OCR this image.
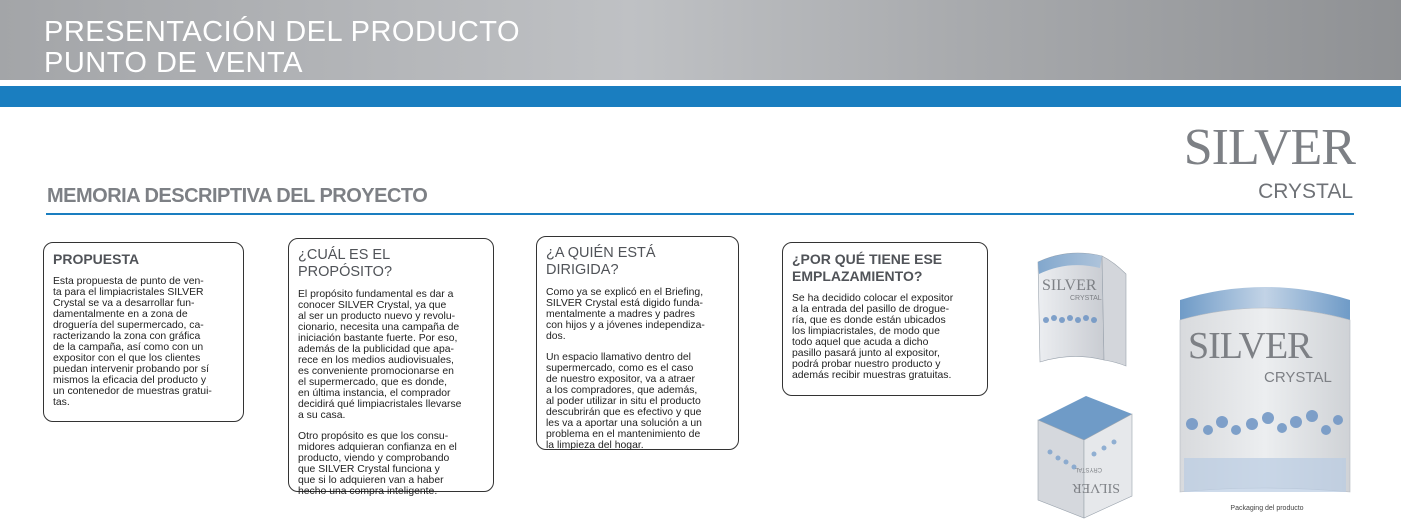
PRESENTACIÓN DEL PRODUCTO
PUNTO DE VENTA
SILVER
CRYSTAL
MEMORIA DESCRIPTIVA DEL PROYECTO
PROPUESTA
Esta propuesta de punto de ven-
ta para el limpiacristales SILVER
Crystal se va a desarrollar fun-
damentalmente en a zona de
droguería del supermercado, ca-
racterizando la zona con gráfica
de la campaña, así como con un
expositor con el que los clientes
puedan intervenir probando por sí
mismos la eficacia del producto y
un contenedor de muestras gratui-
tas.
¿CUÁL ES EL PROPÓSITO?
El propósito fundamental es dar a
conocer SILVER Crystal, ya que
al ser un producto nuevo y revolu-
cionario, necesita una campaña de
iniciación bastante fuerte. Por eso,
además de la publicidad que apa-
rece en los medios audiovisuales,
es conveniente promocionarse en
el supermercado, que es donde,
en última instancia, el comprador
decidirá qué limpiacristales llevarse
a su casa.
Otro propósito es que los consu-
midores adquieran confianza en el
producto, viendo y comprobando
que SILVER Crystal funciona y
que si lo adquieren van a haber
hecho una compra inteligente.
¿A QUIÉN ESTÁ DIRIGIDA?
Como ya se explicó en el Briefing,
SILVER Crystal está digido funda-
mentalmente a madres y padres
con hijos y a jóvenes independiza-
dos.
Un espacio llamativo dentro del
supermercado, como es el caso
de nuestro expositor, va a atraer
a los compradores, que además,
al poder utilizar in situ el producto
descubrirán que es efectivo y que
les va a aportar una solución a un
problema en el mantenimiento de
la limpieza del hogar.
¿POR QUÉ TIENE ESE
EMPLAZAMIENTO?
Se ha decidido colocar el expositor
a la entrada del pasillo de drogue-
ría, que es donde están ubicados
los limpiacristales, de modo que
todo aquel que acuda a dicho
pasillo pasará junto al expositor,
podrá probar nuestro producto y
además recibir muestras gratuitas.
SILVER
CRYSTAL
SILVER
CRYSTAL
SILVER
CRYSTAL
Packaging del producto
